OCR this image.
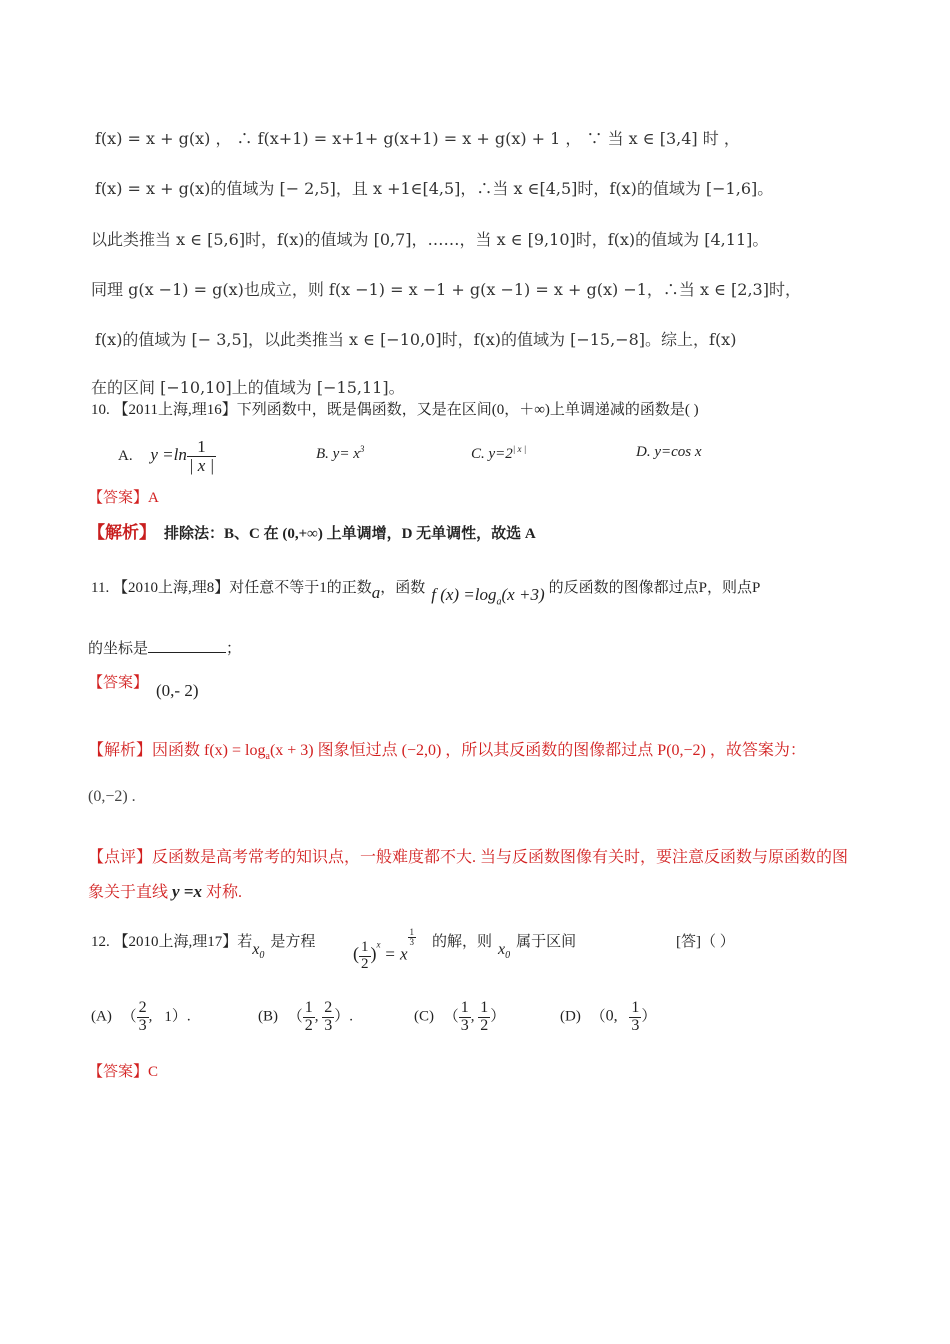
f(x) = x + g(x) ， ∴ f(x+1) = x+1+ g(x+1) = x + g(x) + 1 ， ∵ 当 x ∈ [3,4] 时 ，
f(x) = x + g(x)的值域为 [− 2,5]，且 x +1∈[4,5]，∴当 x ∈[4,5]时，f(x)的值域为 [−1,6]。
以此类推当 x ∈ [5,6]时，f(x)的值域为 [0,7]，……，当 x ∈ [9,10]时，f(x)的值域为 [4,11]。
同理 g(x −1) = g(x)也成立，则 f(x −1) = x −1 + g(x −1) = x + g(x) −1，∴当 x ∈ [2,3]时，
f(x)的值域为 [− 3,5]，以此类推当 x ∈ [−10,0]时，f(x)的值域为 [−15,−8]。综上，f(x)
在的区间 [−10,10]上的值域为 [−15,11]。
10. 【2011上海,理16】下列函数中，既是偶函数，又是在区间(0，＋∞)上单调递减的函数是( )
A. $y =\ln \frac{1}{| x |}$	B. $y= x^3$	C. $y=2^{| x |}$	D. y=cos x
【答案】A
【解析】 排除法：B、C 在 (0,+∞) 上单调增，D 无单调性，故选 A
11. 【2010上海,理8】对任意不等于1的正数a，函数 f $(x) =\log_a(x +3)$ 的反函数的图像都过点P，则点P
的坐标是	；
【答案】 (0,- 2)
【解析】因函数 $f(x) = \log_a(x + 3)$ 图象恒过点 (−2,0) ，所以其反函数的图像都过点 P(0,−2) ，故答案为：
(0,−2) .
【点评】反函数是高考常考的知识点，一般难度都不大. 当与反函数图像有关时，要注意反函数与原函数的图
象关于直线 y =x 对称.
12. 【2010上海,理17】若$x_0$是方程
( $\frac{1}{2} )^x = x$
$\frac{1}{3}$ 的解，则 $x_0$属于区间	[答]（ ）
(A) （ $\frac{2}{3}$ , 1）.	(B) （ $\frac{1}{2}$ , $\frac{2}{3}$ ）.	(C) （ $\frac{1}{3}$ , $\frac{1}{2}$ ）	(D) （0, $\frac{1}{3}$ ）
【答案】C
